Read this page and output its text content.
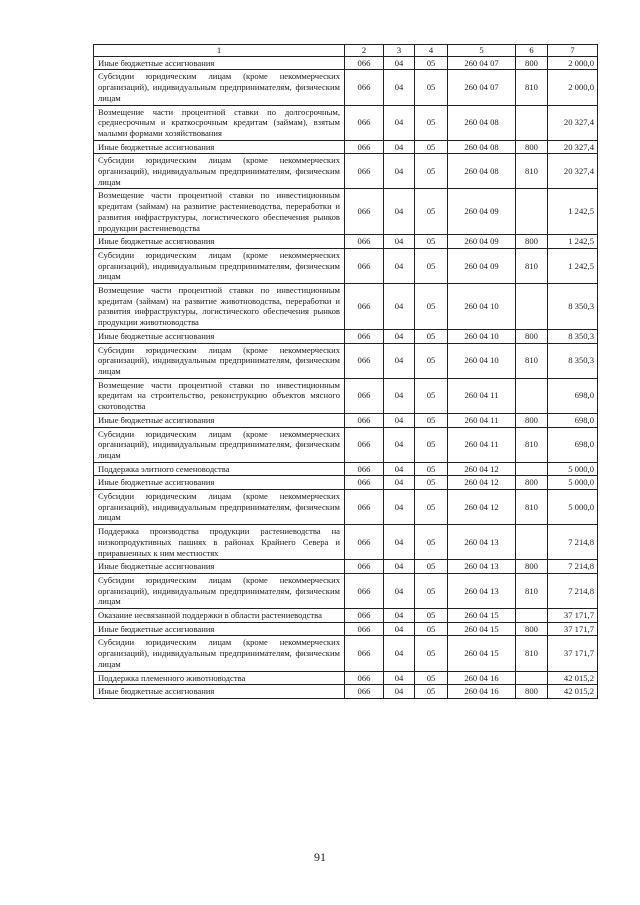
1	2	3	4	5	6	7
Иные бюджетные ассигнования	066	04	05	260 04 07	800	2 000,0
Субсидии юридическим лицам (кроме некоммерческих организаций), индивидуальным предпринимателям, физическим лицам	066	04	05	260 04 07	810	2 000,0
Возмещение части процентной ставки по долгосрочным, среднесрочным и краткосрочным кредитам (займам), взятым малыми формами хозяйствования	066	04	05	260 04 08		20 327,4
Иные бюджетные ассигнования	066	04	05	260 04 08	800	20 327,4
Субсидии юридическим лицам (кроме некоммерческих организаций), индивидуальным предпринимателям, физическим лицам	066	04	05	260 04 08	810	20 327,4
Возмещение части процентной ставки по инвестиционным кредитам (займам) на развитие растениеводства, переработки и развития инфраструктуры, логистического обеспечения рынков продукции растениеводства	066	04	05	260 04 09		1 242,5
Иные бюджетные ассигнования	066	04	05	260 04 09	800	1 242,5
Субсидии юридическим лицам (кроме некоммерческих организаций), индивидуальным предпринимателям, физическим лицам	066	04	05	260 04 09	810	1 242,5
Возмещение части процентной ставки по инвестиционным кредитам (займам) на развитие животноводства, переработки и развития инфраструктуры, логистического обеспечения рынков продукции животноводства	066	04	05	260 04 10		8 350,3
Иные бюджетные ассигнования	066	04	05	260 04 10	800	8 350,3
Субсидии юридическим лицам (кроме некоммерческих организаций), индивидуальным предпринимателям, физическим лицам	066	04	05	260 04 10	810	8 350,3
Возмещение части процентной ставки по инвестиционным кредитам на строительство, реконструкцию объектов мясного скотоводства	066	04	05	260 04 11		698,0
Иные бюджетные ассигнования	066	04	05	260 04 11	800	698,0
Субсидии юридическим лицам (кроме некоммерческих организаций), индивидуальным предпринимателям, физическим лицам	066	04	05	260 04 11	810	698,0
Поддержка элитного семеноводства	066	04	05	260 04 12		5 000,0
Иные бюджетные ассигнования	066	04	05	260 04 12	800	5 000,0
Субсидии юридическим лицам (кроме некоммерческих организаций), индивидуальным предпринимателям, физическим лицам	066	04	05	260 04 12	810	5 000,0
Поддержка производства продукции растениеводства на низкопродуктивных пашнях в районах Крайнего Севера и приравненных к ним местностях	066	04	05	260 04 13		7 214,8
Иные бюджетные ассигнования	066	04	05	260 04 13	800	7 214,8
Субсидии юридическим лицам (кроме некоммерческих организаций), индивидуальным предпринимателям, физическим лицам	066	04	05	260 04 13	810	7 214,8
Оказание несвязанной поддержки в области растениеводства	066	04	05	260 04 15		37 171,7
Иные бюджетные ассигнования	066	04	05	260 04 15	800	37 171,7
Субсидии юридическим лицам (кроме некоммерческих организаций), индивидуальным предпринимателям, физическим лицам	066	04	05	260 04 15	810	37 171,7
Поддержка племенного животноводства	066	04	05	260 04 16		42 015,2
Иные бюджетные ассигнования	066	04	05	260 04 16	800	42 015,2
91
